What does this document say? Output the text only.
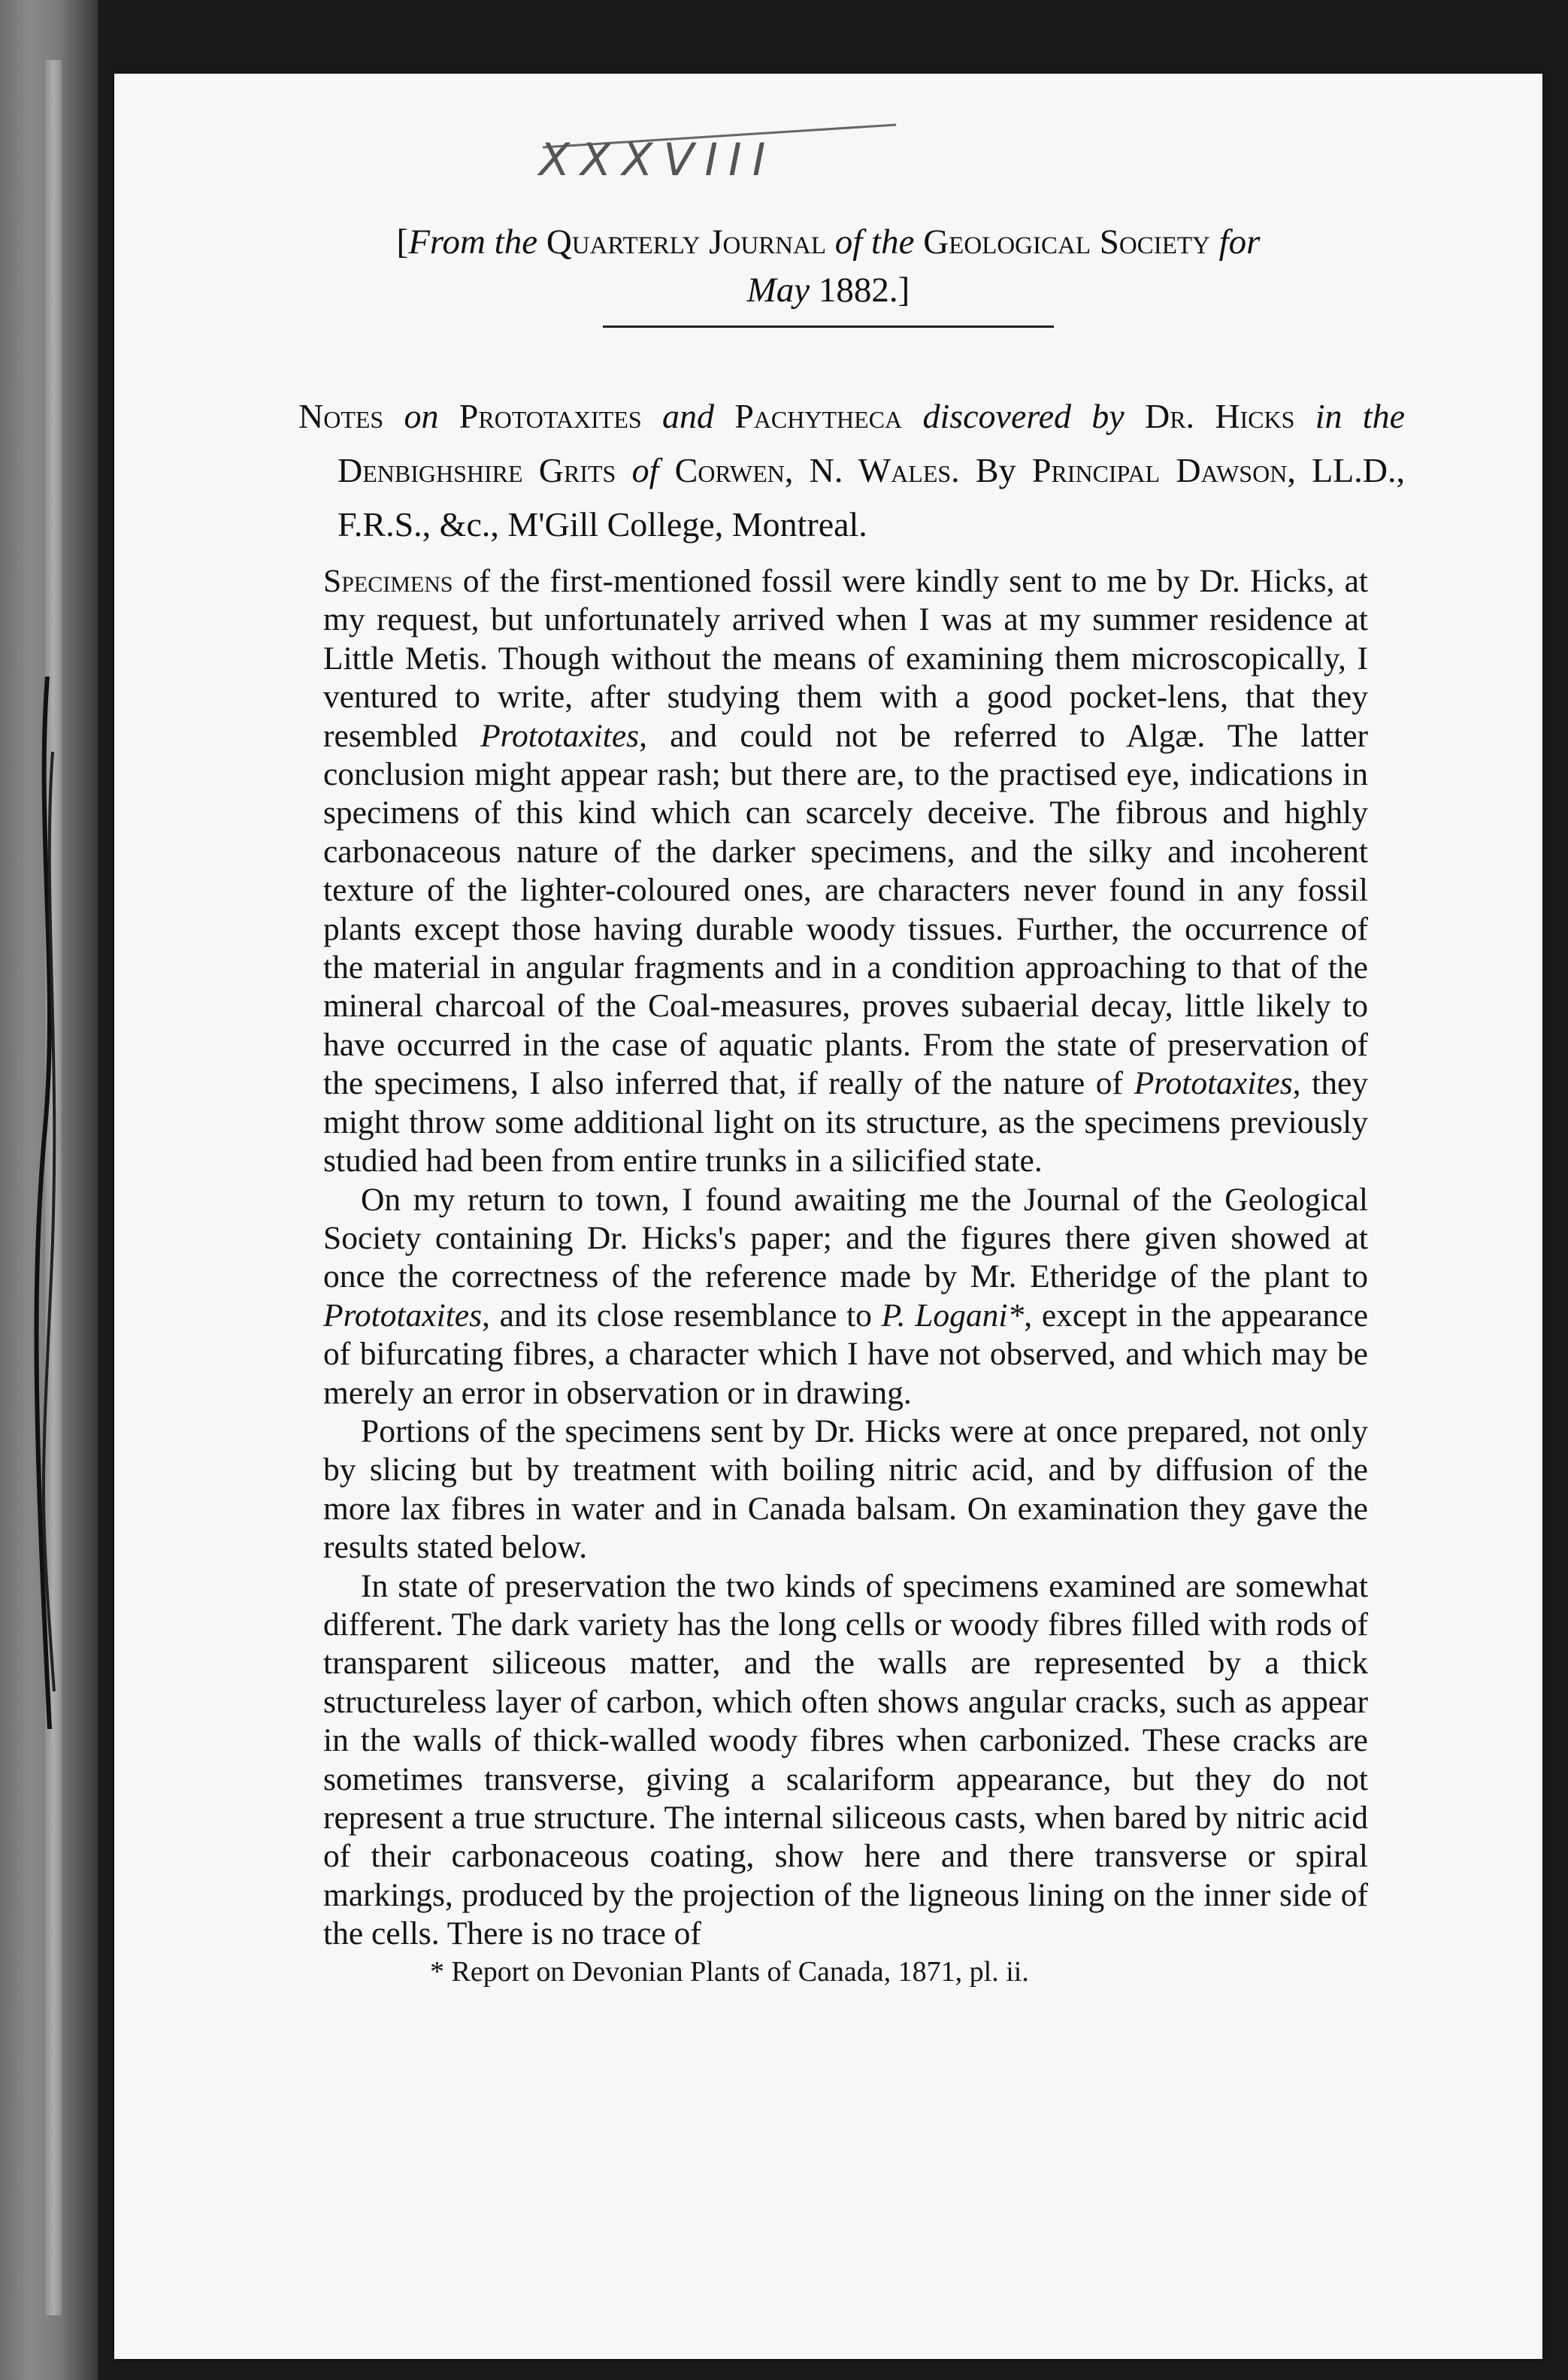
XXXVIII
[From the Quarterly Journal of the Geological Society for
May 1882.]
Notes on Prototaxites and Pachytheca discovered by Dr. Hicks in the Denbighshire Grits of Corwen, N. Wales. By Principal Dawson, LL.D., F.R.S., &c., M'Gill College, Montreal.

Specimens of the first-mentioned fossil were kindly sent to me by Dr. Hicks, at my request, but unfortunately arrived when I was at my summer residence at Little Metis. Though without the means of examining them microscopically, I ventured to write, after studying them with a good pocket-lens, that they resembled Prototaxites, and could not be referred to Algæ. The latter conclusion might appear rash; but there are, to the practised eye, indications in specimens of this kind which can scarcely deceive. The fibrous and highly carbonaceous nature of the darker specimens, and the silky and incoherent texture of the lighter-coloured ones, are characters never found in any fossil plants except those having durable woody tissues. Further, the occurrence of the material in angular fragments and in a condition approaching to that of the mineral charcoal of the Coal-measures, proves subaerial decay, little likely to have occurred in the case of aquatic plants. From the state of preservation of the specimens, I also inferred that, if really of the nature of Prototaxites, they might throw some additional light on its structure, as the specimens previously studied had been from entire trunks in a silicified state.

On my return to town, I found awaiting me the Journal of the Geological Society containing Dr. Hicks's paper; and the figures there given showed at once the correctness of the reference made by Mr. Etheridge of the plant to Prototaxites, and its close resemblance to P. Logani*, except in the appearance of bifurcating fibres, a character which I have not observed, and which may be merely an error in observation or in drawing.

Portions of the specimens sent by Dr. Hicks were at once prepared, not only by slicing but by treatment with boiling nitric acid, and by diffusion of the more lax fibres in water and in Canada balsam. On examination they gave the results stated below.

In state of preservation the two kinds of specimens examined are somewhat different. The dark variety has the long cells or woody fibres filled with rods of transparent siliceous matter, and the walls are represented by a thick structureless layer of carbon, which often shows angular cracks, such as appear in the walls of thick-walled woody fibres when carbonized. These cracks are sometimes transverse, giving a scalariform appearance, but they do not represent a true structure. The internal siliceous casts, when bared by nitric acid of their carbonaceous coating, show here and there transverse or spiral markings, produced by the projection of the ligneous lining on the inner side of the cells. There is no trace of

* Report on Devonian Plants of Canada, 1871, pl. ii.
